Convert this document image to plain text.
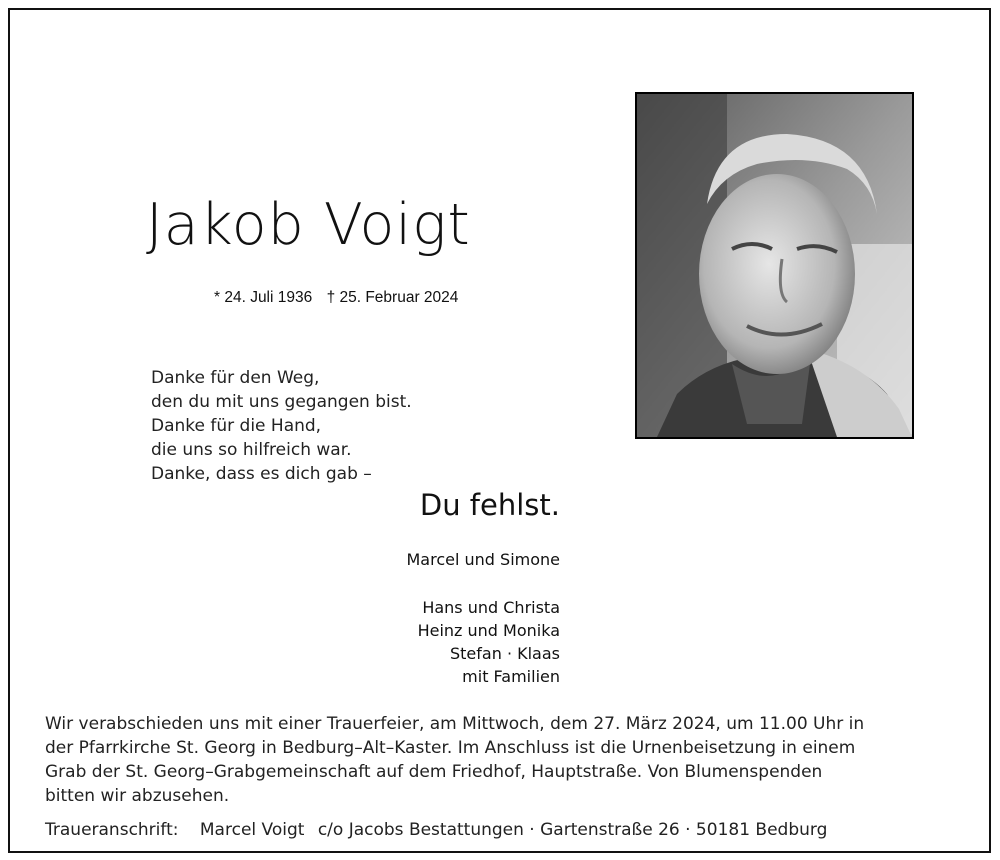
Jakob Voigt
* 24. Juli 1936 † 25. Februar 2024
Danke für den Weg,
den du mit uns gegangen bist.
Danke für die Hand,
die uns so hilfreich war.
Danke, dass es dich gab –
Du fehlst.
Marcel und Simone
Hans und Christa
Heinz und Monika
Stefan · Klaas
mit Familien
Wir verabschieden uns mit einer Trauerfeier, am Mittwoch, dem 27. März 2024, um 11.00 Uhr in
der Pfarrkirche St. Georg in Bedburg–Alt–Kaster. Im Anschluss ist die Urnenbeisetzung in einem
Grab der St. Georg–Grabgemeinschaft auf dem Friedhof, Hauptstraße. Von Blumenspenden
bitten wir abzusehen.
Traueranschrift: Marcel Voigt c/o Jacobs Bestattungen · Gartenstraße 26 · 50181 Bedburg
